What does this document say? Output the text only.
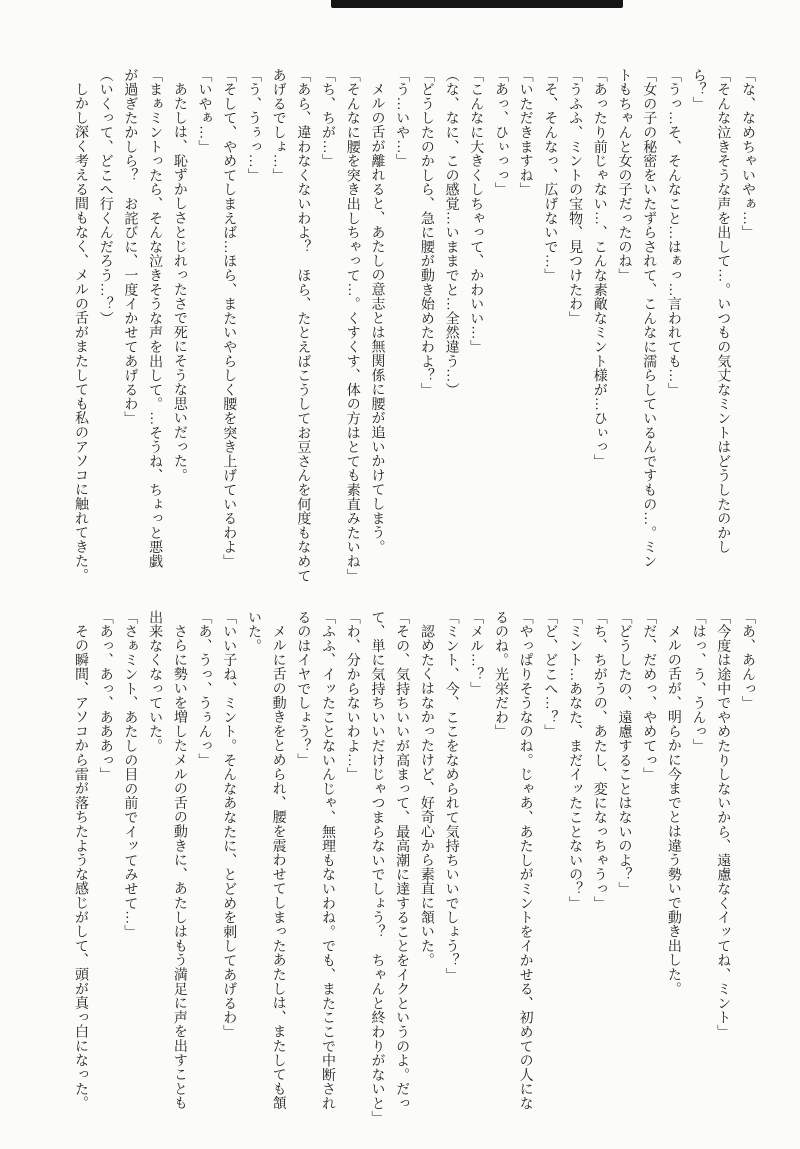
「な、なめちゃいやぁ…」

「そんな泣きそうな声を出して…。いつもの気丈なミントはどうしたのかし

ら？」

「うっ…そ、そんなこと…はぁっ…言われても…」

「女の子の秘密をいたずらされて、こんなに濡らしているんですもの…。ミン

トもちゃんと女の子だったのね」

「あったり前じゃない…、こんな素敵なミント様が…ひぃっ」

「うふふ、ミントの宝物、見つけたわ」

「そ、そんなっ、広げないで…」

「いただきますね」

「あっ、ひぃっっ」

「こんなに大きくしちゃって、かわいい…」

（な、なに、この感覚…いままでと…全然違う…）

「どうしたのかしら、急に腰が動き始めたわよ？」

「う…いや…」

メルの舌が離れると、あたしの意志とは無関係に腰が追いかけてしまう。

「そんなに腰を突き出しちゃって…。くすくす、体の方はとても素直みたいね」

「ち、ちが…」

「あら、違わなくないわよ？　ほら、たとえばこうしてお豆さんを何度もなめて

あげるでしょ…」

「う、うぅっ…」

「そして、やめてしまえば…ほら、またいやらしく腰を突き上げているわよ」

「いやぁ…」

あたしは、恥ずかしさとじれったさで死にそうな思いだった。

「まぁミントったら、そんな泣きそうな声を出して。…そうね、ちょっと悪戯

が過ぎたかしら？　お詫びに、一度イかせてあげるわ」

（いくって、どこへ行くんだろう…？）

しかし深く考える間もなく、メルの舌がまたしても私のアソコに触れてきた。

「あ、あんっ」

「今度は途中でやめたりしないから、遠慮なくイッてね、ミント」

「はっ、う、うんっ」

メルの舌が、明らかに今までとは違う勢いで動き出した。

「だ、だめっ、やめてっ」

「どうしたの、遠慮することはないのよ？」

「ち、ちがうの、あたし、変になっちゃうっ」

「ミント…あなた、まだイッたことないの？」

「ど、どこへ…？」

「やっぱりそうなのね。じゃあ、あたしがミントをイかせる、初めての人にな

るのね。光栄だわ」

「メル…？」

「ミント、今、ここをなめられて気持ちいいでしょう？」

認めたくはなかったけど、好奇心から素直に頷いた。

「その、気持ちいいが高まって、最高潮に達することをイクというのよ。だっ

て、単に気持ちいいだけじゃつまらないでしょう？　ちゃんと終わりがないと」

「わ、分からないわよ…」

「ふふ、イッたことないんじゃ、無理もないわね。でも、またここで中断され

るのはイヤでしょう？」

メルに舌の動きをとめられ、腰を震わせてしまったあたしは、またしても頷

いた。

「いい子ね、ミント。そんなあなたに、とどめを刺してあげるわ」

「あ、うっ、うぅんっ」

さらに勢いを増したメルの舌の動きに、あたしはもう満足に声を出すことも

出来なくなっていた。

「さぁミント、あたしの目の前でイッてみせて…」

「あっ、あっ、あああっ」

その瞬間、アソコから雷が落ちたような感じがして、頭が真っ白になった。
